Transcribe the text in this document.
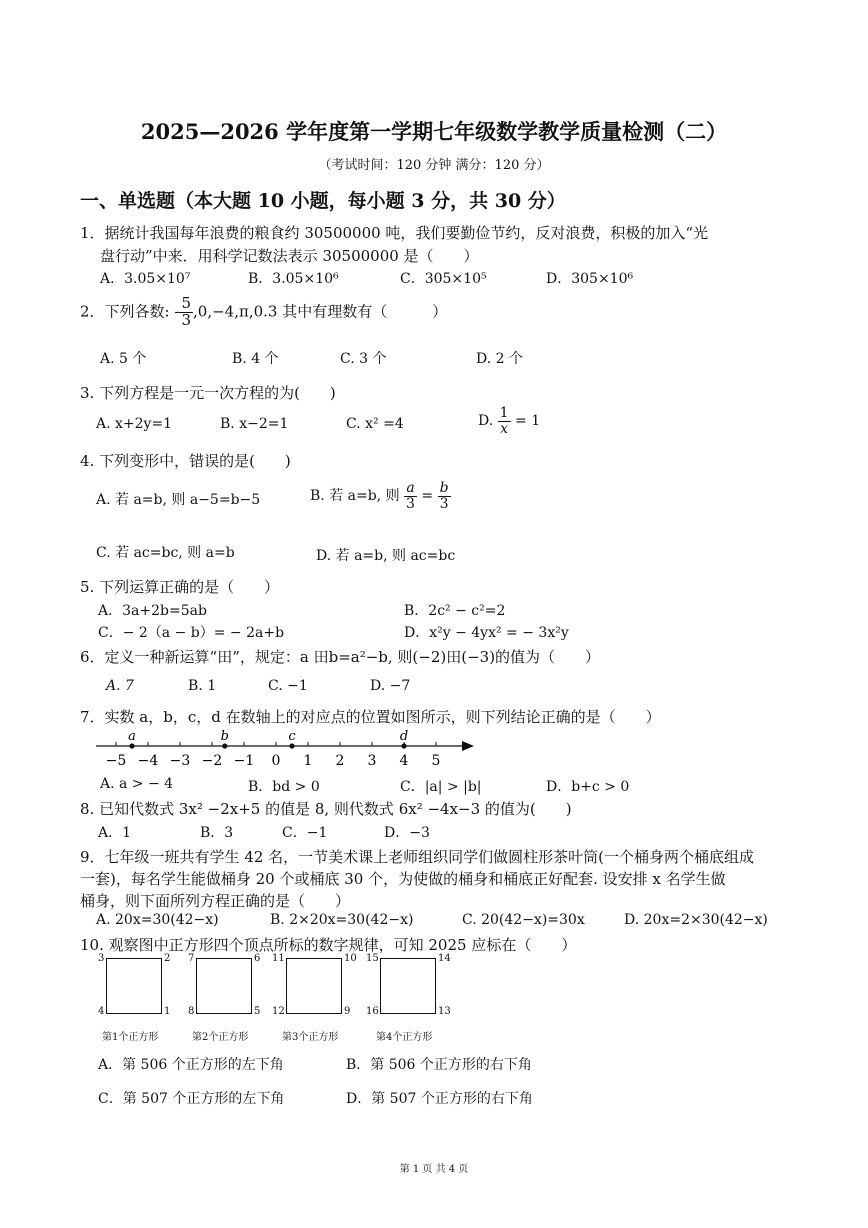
2025—2026 学年度第一学期七年级数学教学质量检测（二）
（考试时间：120 分钟 满分：120 分）
一、单选题（本大题 10 小题，每小题 3 分，共 30 分）
1．据统计我国每年浪费的粮食约 30500000 吨，我们要勤俭节约，反对浪费，积极的加入“光
盘行动”中来．用科学记数法表示 30500000 是（　　）
A．3.05×10⁷	B．3.05×10⁶	C．305×10⁵	D．305×10⁶
2．下列各数: - $\frac{5}{3} ,0,-4,\pi,0.3$ 其中有理数有（　　　）
A. 5 个	B. 4 个	C. 3 个	D. 2 个
3. 下列方程是一元一次方程的为(　　)
A. x+2y=1	B. x−2=1	C. x² =4	D. $\frac{1}{x} = 1$
4. 下列变形中，错误的是(　　)
A. 若 a=b, 则 a−5=b−5	B. 若 a=b, 则 $\frac{a}{3} = \frac{b}{3}$
C. 若 ac=bc, 则 a=b	D. 若 a=b, 则 ac=bc
5. 下列运算正确的是（　　）
A．3a+2b=5ab	B．2c² − c²=2
C．− 2（a − b）= − 2a+b	D．x²y − 4yx² = − 3x²y
6．定义一种新运算“田”，规定：a 田b=a²−b, 则(−2)田(−3)的值为（　　）
A. 7	B. 1	C. −1	D. −7
7．实数 a，b，c，d 在数轴上的对应点的位置如图所示，则下列结论正确的是（　　）
−5 −4 −3 −2 −1 0 1 2 3 4 5
a	b	c	d
A. a > − 4	B．bd > 0	C．|a| > |b|	D．b+c > 0
8. 已知代数式 3x² −2x+5 的值是 8, 则代数式 6x² −4x−3 的值为(　　)
A．1	B．3	C．−1	D．−3
9．七年级一班共有学生 42 名，一节美术课上老师组织同学们做圆柱形茶叶筒(一个桶身两个桶底组成
一套)，每名学生能做桶身 20 个或桶底 30 个，为使做的桶身和桶底正好配套. 设安排 x 名学生做
桶身，则下面所列方程正确的是（　　）
A. 20x=30(42−x)	B. 2×20x=30(42−x)	C. 20(42−x)=30x	D. 20x=2×30(42−x)
10. 观察图中正方形四个顶点所标的数字规律，可知 2025 应标在（　　）
3	2
4	1
第1个正方形
7	6
8	5
第2个正方形
11	10
12	9
第3个正方形
15	14
16	13
第4个正方形
A．第 506 个正方形的左下角	B．第 506 个正方形的右下角
C．第 507 个正方形的左下角	D．第 507 个正方形的右下角
第 1 页 共 4 页
